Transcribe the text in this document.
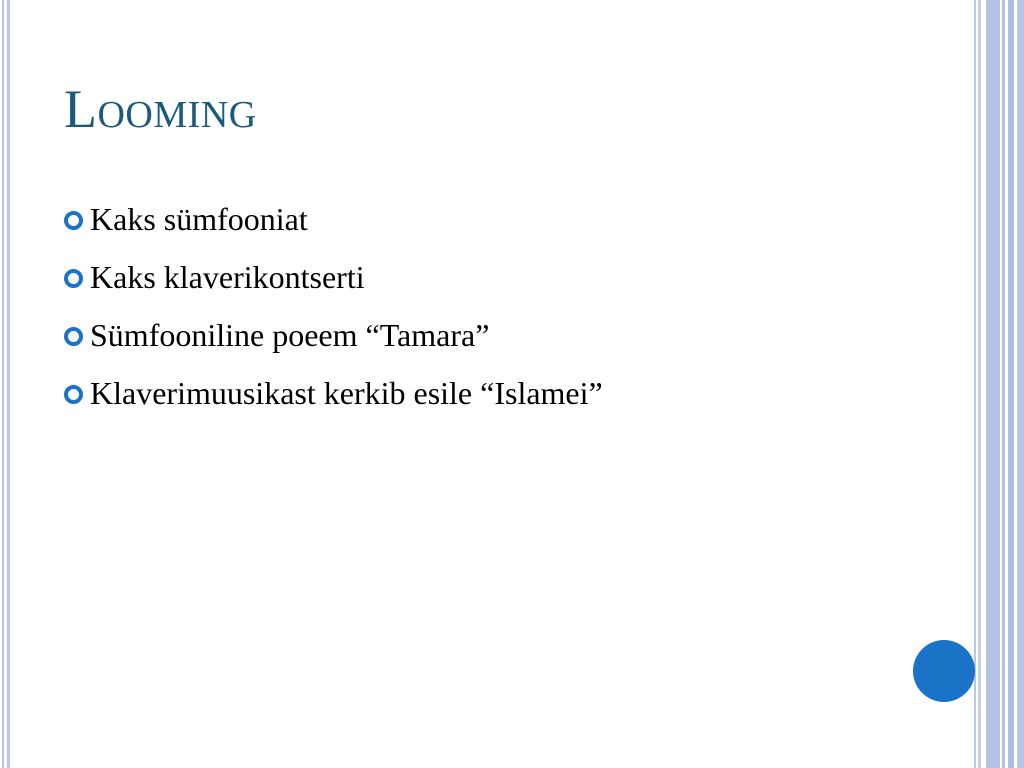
Looming
Kaks sümfooniat
Kaks klaverikontserti
Sümfooniline poeem “Tamara”
Klaverimuusikast kerkib esile “Islamei”
